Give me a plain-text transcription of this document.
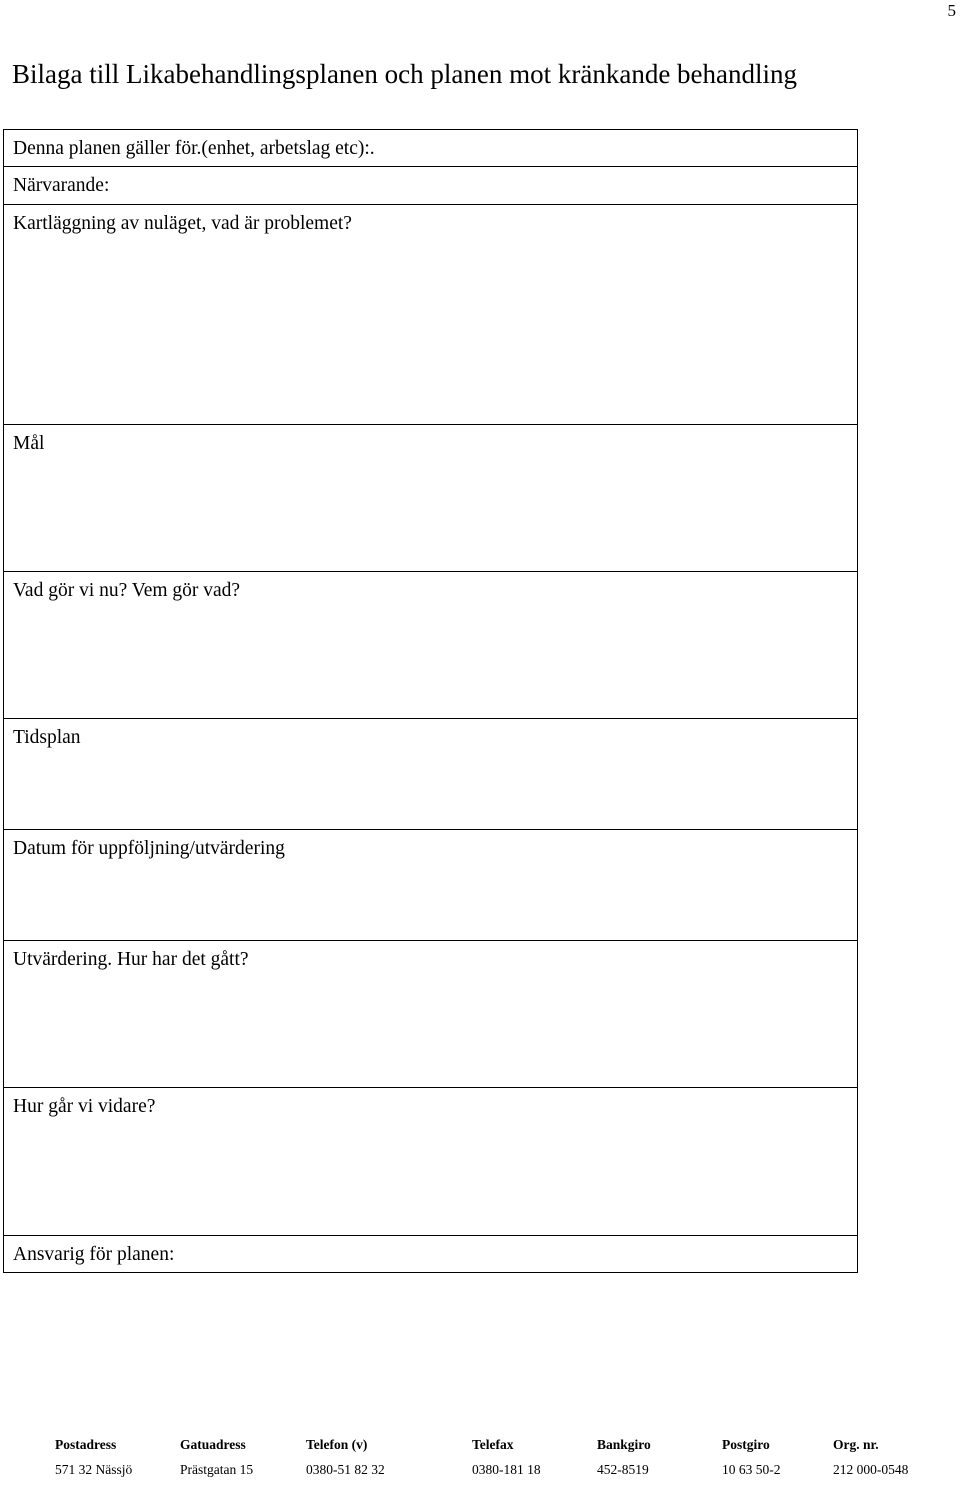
5
Bilaga till Likabehandlingsplanen och planen mot kränkande behandling
Denna planen gäller för.(enhet, arbetslag etc):.
Närvarande:
Kartläggning av nuläget, vad är problemet?
Mål
Vad gör vi nu? Vem gör vad?
Tidsplan
Datum för uppföljning/utvärdering
Utvärdering. Hur har det gått?
Hur går vi vidare?
Ansvarig för planen:
Postadress	Gatuadress	Telefon (v)	Telefax	Bankgiro	Postgiro	Org. nr.
571 32 Nässjö	Prästgatan 15	0380-51 82 32	0380-181 18	452-8519	10 63 50-2	212 000-0548
